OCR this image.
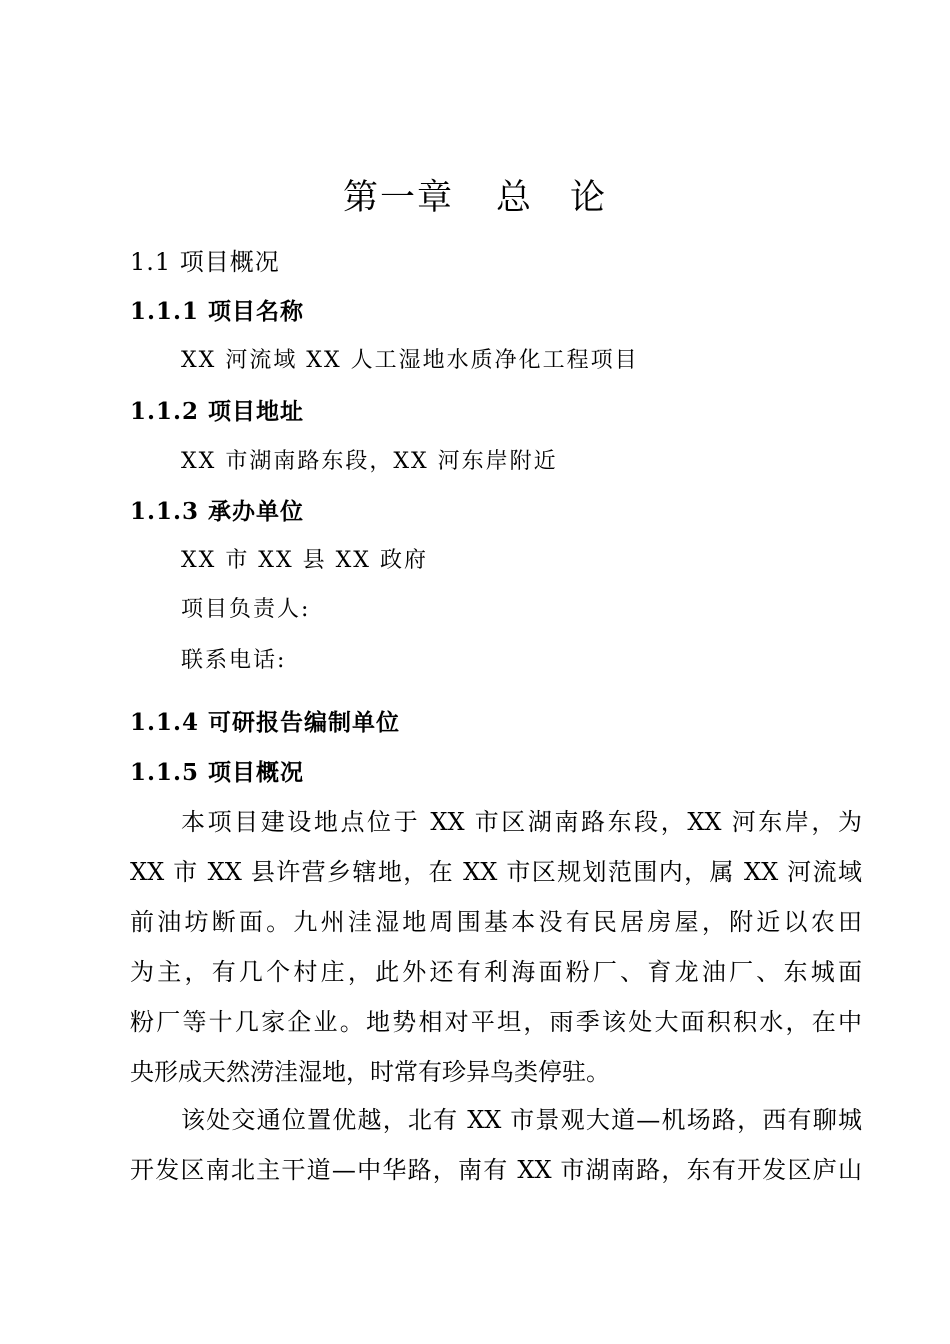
第一章 总　论
1.1 项目概况
1.1.1 项目名称
XX 河流域 XX 人工湿地水质净化工程项目
1.1.2 项目地址
XX 市湖南路东段，XX 河东岸附近
1.1.3 承办单位
XX 市 XX 县 XX 政府
项目负责人:
联系电话:
1.1.4 可研报告编制单位
1.1.5 项目概况
本项目建设地点位于 XX 市区湖南路东段，XX 河东岸，为
XX 市 XX 县许营乡辖地，在 XX 市区规划范围内，属 XX 河流域
前油坊断面。九州洼湿地周围基本没有民居房屋，附近以农田
为主，有几个村庄，此外还有利海面粉厂、育龙油厂、东城面
粉厂等十几家企业。地势相对平坦，雨季该处大面积积水，在中
央形成天然涝洼湿地，时常有珍异鸟类停驻。
该处交通位置优越，北有 XX 市景观大道—机场路，西有聊城
开发区南北主干道—中华路，南有 XX 市湖南路，东有开发区庐山
